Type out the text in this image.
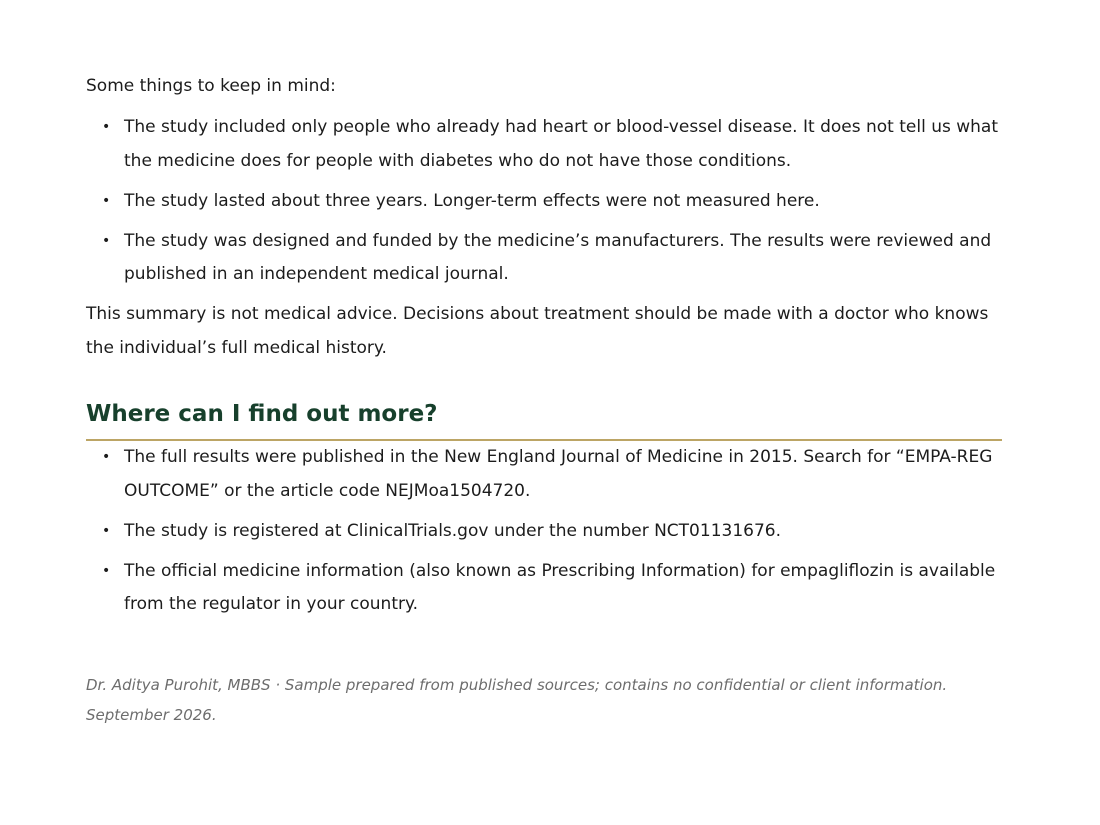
Some things to keep in mind:

• The study included only people who already had heart or blood-vessel disease. It does not tell us what the medicine does for people with diabetes who do not have those conditions.
• The study lasted about three years. Longer-term effects were not measured here.
• The study was designed and funded by the medicine’s manufacturers. The results were reviewed and published in an independent medical journal.

This summary is not medical advice. Decisions about treatment should be made with a doctor who knows the individual’s full medical history.

Where can I find out more?
• The full results were published in the New England Journal of Medicine in 2015. Search for “EMPA-REG OUTCOME” or the article code NEJMoa1504720.
• The study is registered at ClinicalTrials.gov under the number NCT01131676.
• The official medicine information (also known as Prescribing Information) for empagliflozin is available from the regulator in your country.

Dr. Aditya Purohit, MBBS · Sample prepared from published sources; contains no confidential or client information. September 2026.
